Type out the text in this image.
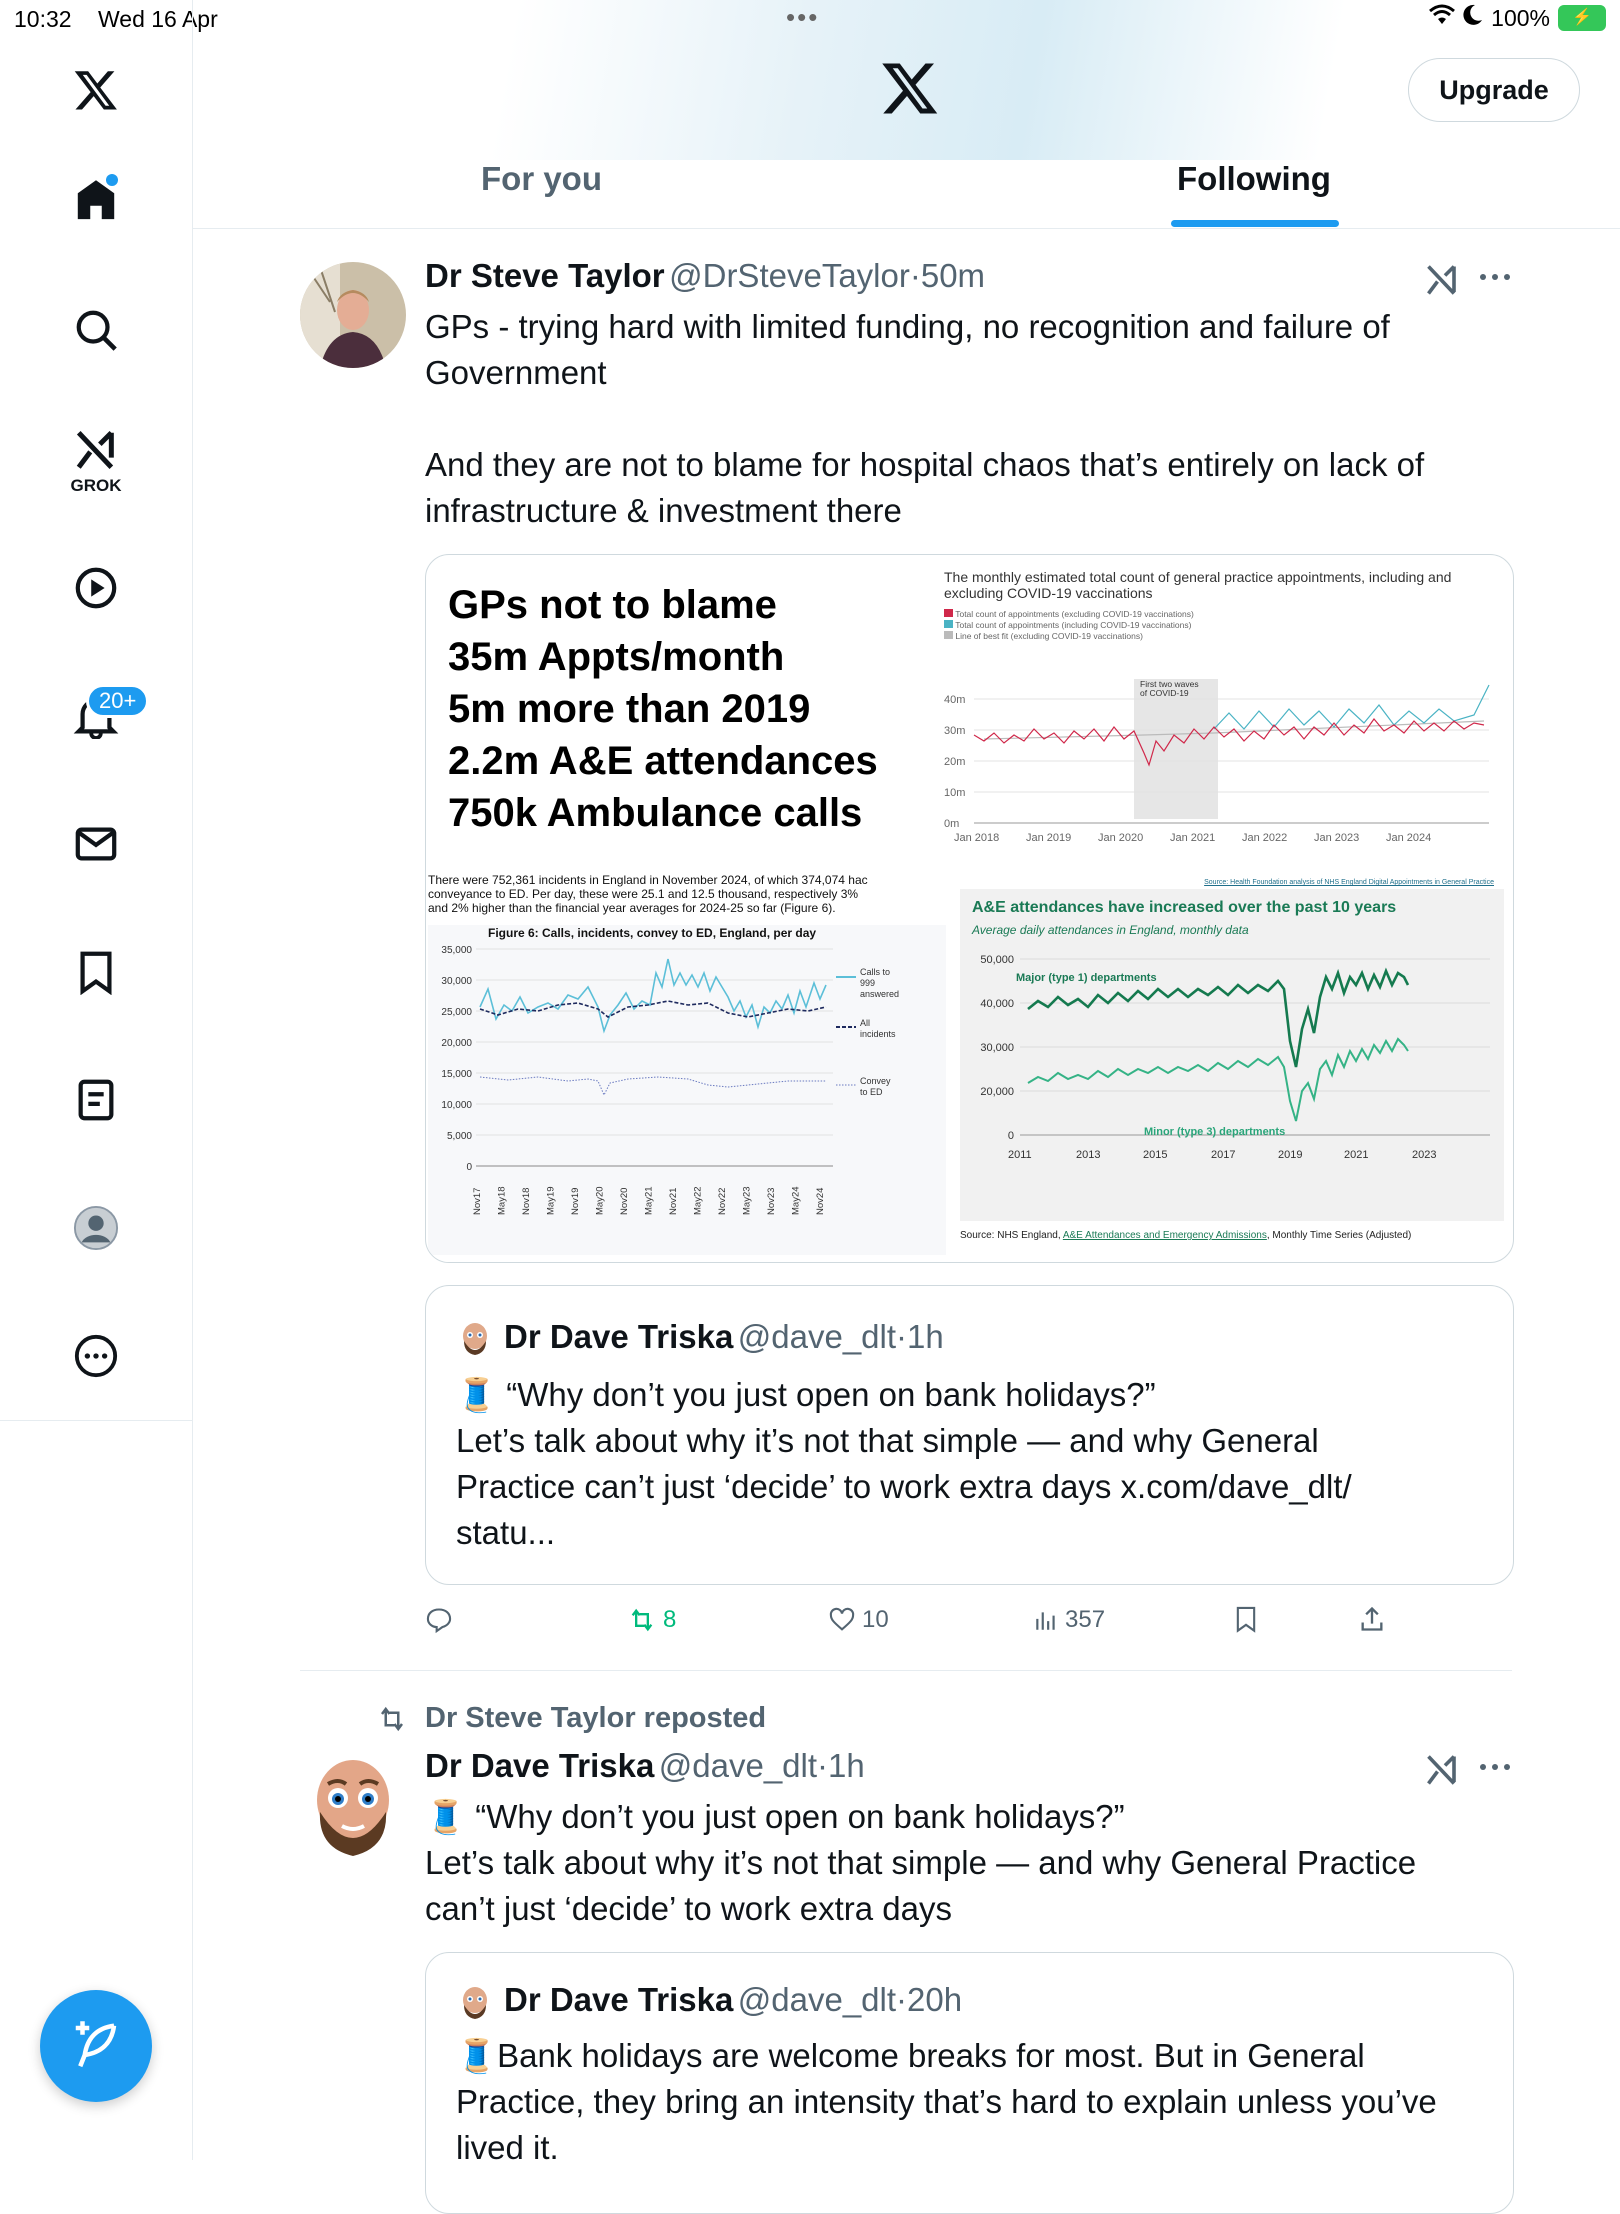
10:32 Wed 16 Apr	•••	100%	⚡
GROK
20+
Upgrade
For you	Following
Dr Steve Taylor @DrSteveTaylor·50m
GPs - trying hard with limited funding, no recognition and failure of
Government
And they are not to blame for hospital chaos that’s entirely on lack of
infrastructure & investment there
GPs not to blame
35m Appts/month
5m more than 2019
2.2m A&E attendances
750k Ambulance calls
The monthly estimated total count of general practice appointments, including and
excluding COVID-19 vaccinations
Total count of appointments (excluding COVID-19 vaccinations)
Total count of appointments (including COVID-19 vaccinations)
Line of best fit (excluding COVID-19 vaccinations)
First two waves
of COVID-19
40m
30m
20m
10m
0m
Jan 2018 Jan 2019 Jan 2020 Jan 2021 Jan 2022 Jan 2023 Jan 2024
Source: Health Foundation analysis of NHS England Digital Appointments in General Practice
There were 752,361 incidents in England in November 2024, of which 374,074 hac
conveyance to ED. Per day, these were 25.1 and 12.5 thousand, respectively 3%
and 2% higher than the financial year averages for 2024-25 so far (Figure 6).
Figure 6: Calls, incidents, convey to ED, England, per day
35,000
30,000
25,000
20,000
15,000
10,000
5,000
0
Nov17 May18 Nov18 May19 Nov19 May20 Nov20 May21 Nov21 May22 Nov22 May23 Nov23 May24 Nov24
Calls to
999
answered
All
incidents
Convey
to ED
A&E attendances have increased over the past 10 years
Average daily attendances in England, monthly data
50,000
40,000
30,000
20,000
0
Major (type 1) departments
Minor (type 3) departments
2011	2013	2015	2017	2019	2021	2023
Source: NHS England, A&E Attendances and Emergency Admissions, Monthly Time Series (Adjusted)
Dr Dave Triska @dave_dlt·1h
🧵 “Why don’t you just open on bank holidays?”
Let’s talk about why it’s not that simple — and why General
Practice can’t just ‘decide’ to work extra days x.com/dave_dlt/
statu...
8	10	357
Dr Steve Taylor reposted
Dr Dave Triska @dave_dlt·1h
🧵 “Why don’t you just open on bank holidays?”
Let’s talk about why it’s not that simple — and why General Practice
can’t just ‘decide’ to work extra days
Dr Dave Triska @dave_dlt·20h
🧵Bank holidays are welcome breaks for most. But in General
Practice, they bring an intensity that’s hard to explain unless you’ve
lived it.
